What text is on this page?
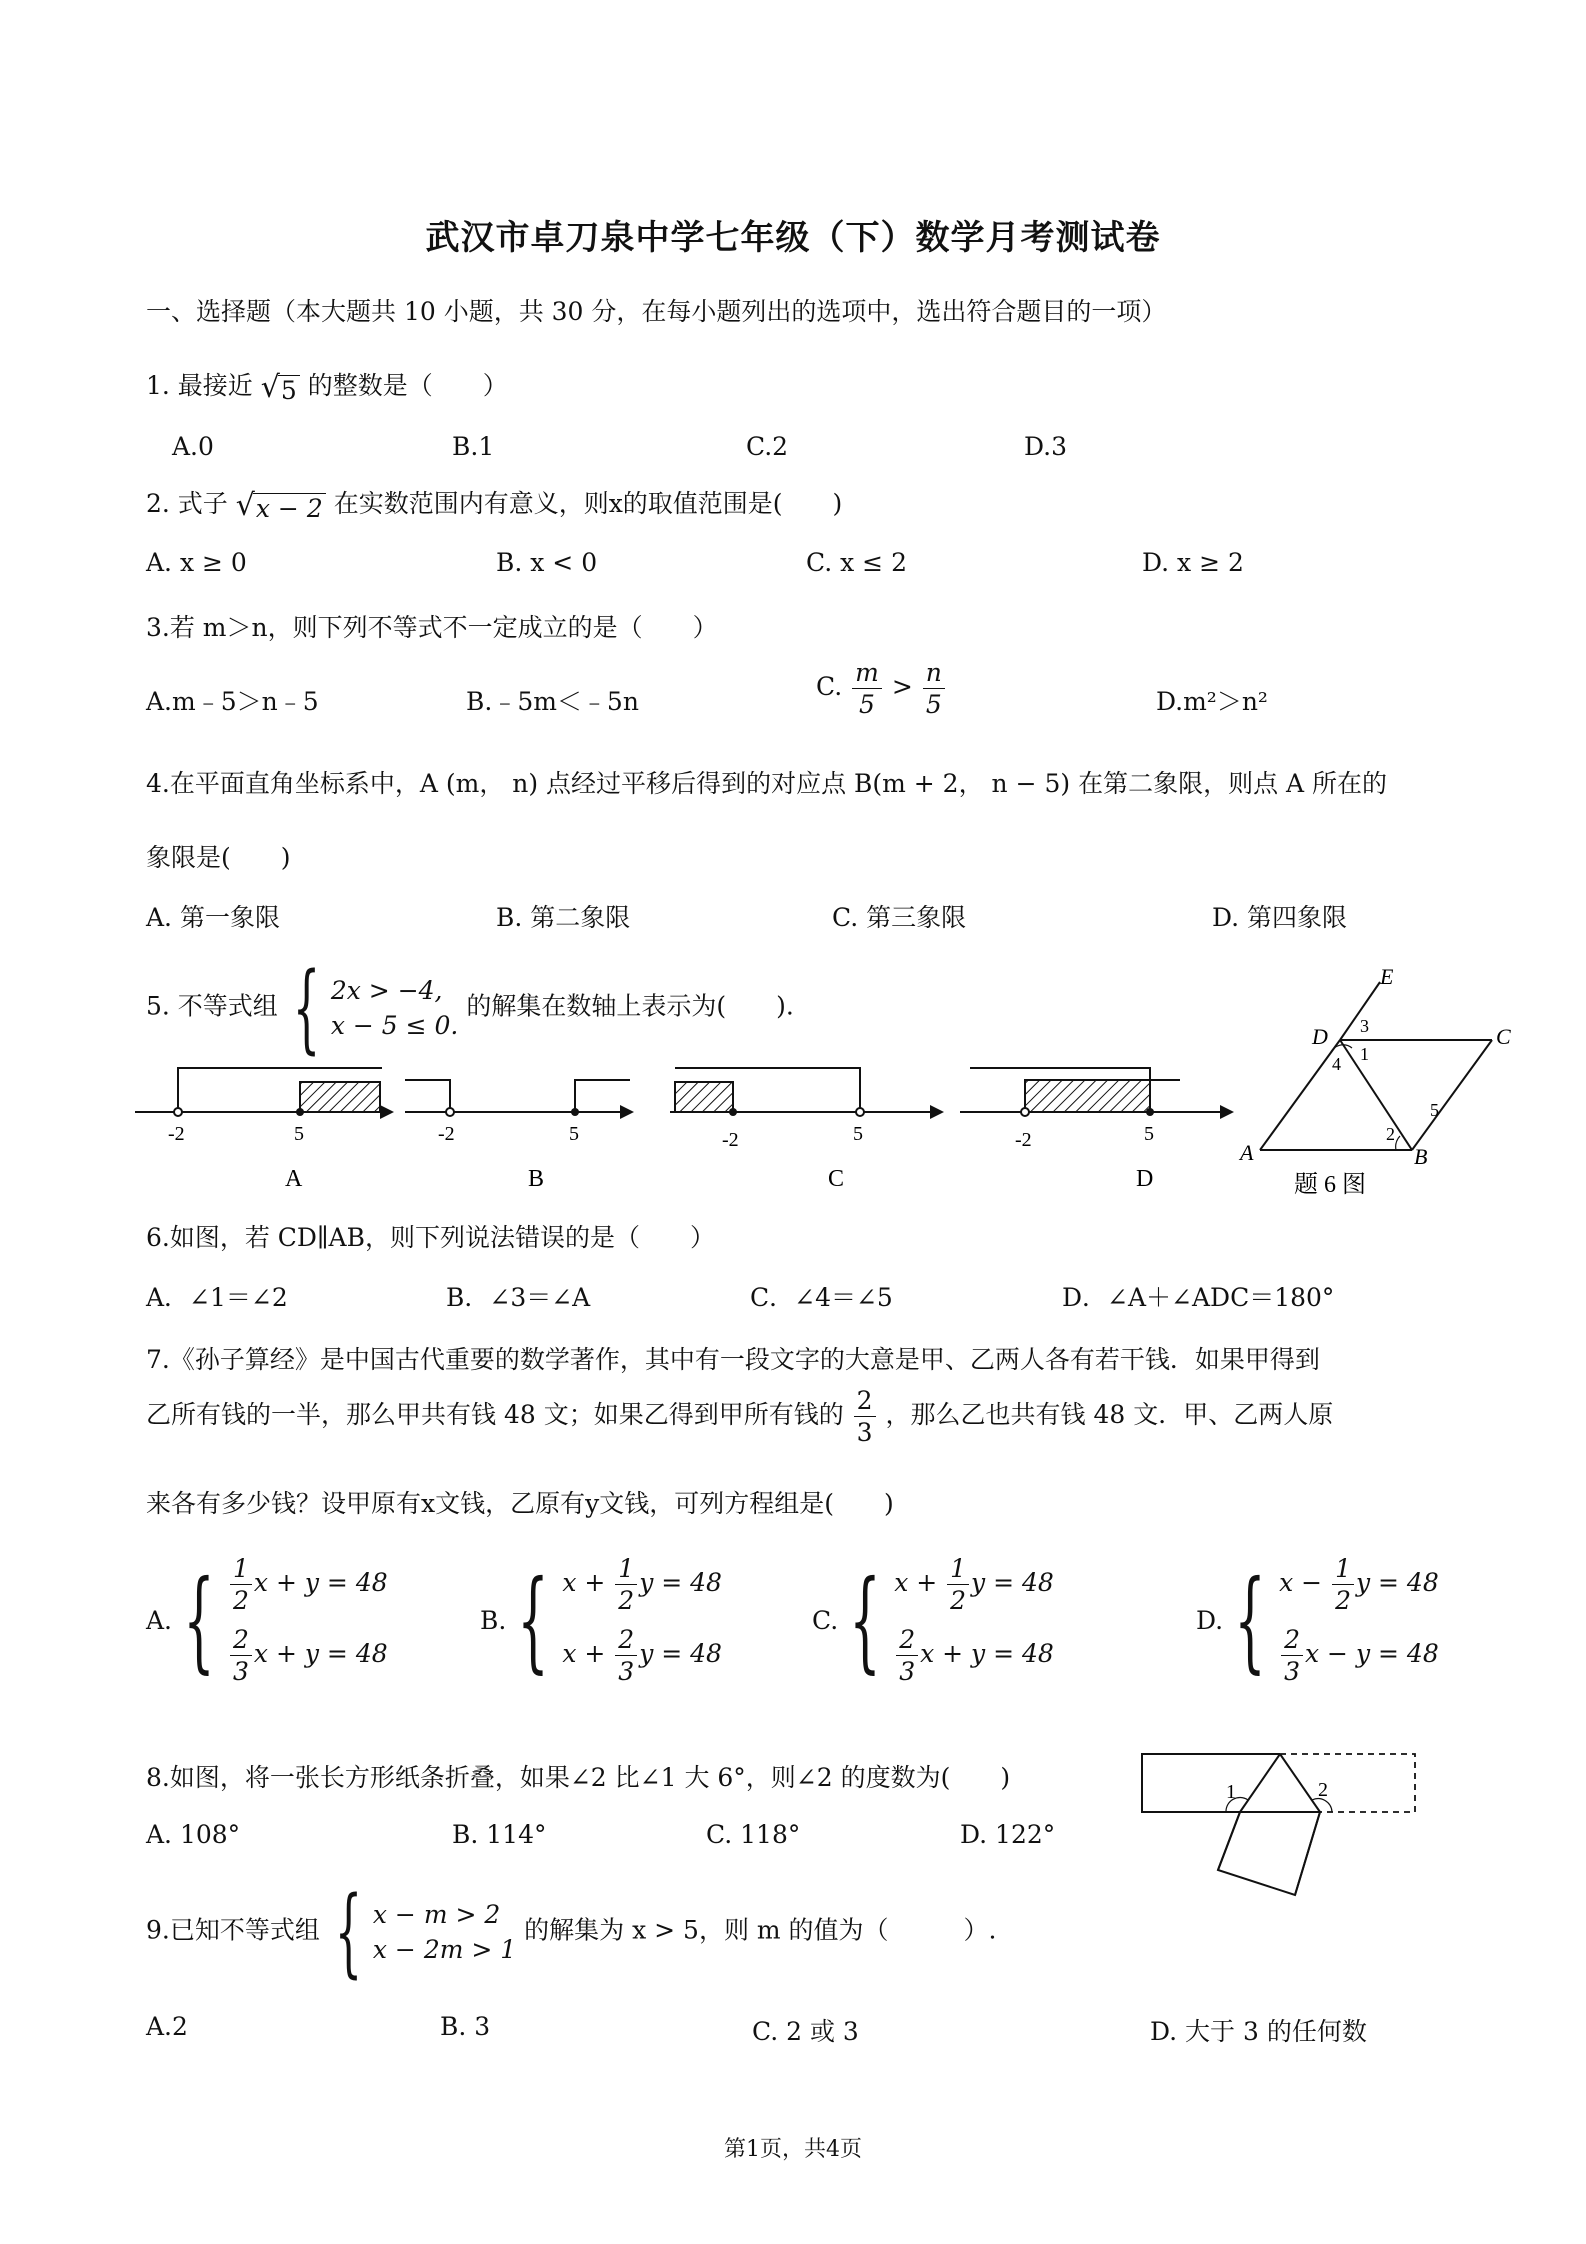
武汉市卓刀泉中学七年级（下）数学月考测试卷
一、选择题（本大题共 10 小题，共 30 分，在每小题列出的选项中，选出符合题目的一项）
1. 最接近 √ 5 的整数是（　　）
A.0	B.1	C.2	D.3
2. 式子 √ x − 2 在实数范围内有意义，则x的取值范围是(　　)
A. x ≥ 0	B. x < 0	C. x ≤ 2	D. x ≥ 2
3.若 m＞n，则下列不等式不一定成立的是（　　）
A.m﹣5＞n﹣5	B.﹣5m＜﹣5n
C. $\frac{m}{5} > \frac{n}{5}$	D.m²＞n²
4.在平面直角坐标系中，A (m， n) 点经过平移后得到的对应点 B(m + 2， n − 5) 在第二象限，则点 A 所在的
象限是(　　)
A. 第一象限	B. 第二象限	C. 第三象限	D. 第四象限
5. 不等式组 { 2x > −4,
x − 5 ≤ 0.
的解集在数轴上表示为(　　).
-2	5
A
-2	5
B
-2	5
C
-2	5
D
E
D 3	C
4 1
5
2
A	B
题 6 图
6.如图，若 CD∥AB，则下列说法错误的是（　　）
A．∠1＝∠2	B．∠3＝∠A	C．∠4＝∠5	D．∠A＋∠ADC＝180°
7.《孙子算经》是中国古代重要的数学著作，其中有一段文字的大意是甲、乙两人各有若干钱．如果甲得到
乙所有钱的一半，那么甲共有钱 48 文；如果乙得到甲所有钱的 $\frac{2}{3}$ ，那么乙也共有钱 48 文．甲、乙两人原
来各有多少钱？设甲原有x文钱，乙原有y文钱，可列方程组是(　　)
A. { $\frac{1}{2}$ x + y = 48
$\frac{2}{3}$ x + y = 48
B. { $x + \frac{1}{2}$ y = 48
$x + \frac{2}{3}$ y = 48
C. { $x + \frac{1}{2}$ y = 48
$\frac{2}{3}$ x + y = 48
D. { $x - \frac{1}{2}$ y = 48
$\frac{2}{3}$ x − y = 48
8.如图，将一张长方形纸条折叠，如果∠2 比∠1 大 6°，则∠2 的度数为(　　)
A. 108°	B. 114°	C. 118°	D. 122°
1	2
9.已知不等式组 { x − m > 2
x − 2m > 1
的解集为 x > 5，则 m 的值为（　　　）.
A.2	B. 3	C. 2 或 3	D. 大于 3 的任何数
第1页，共4页
